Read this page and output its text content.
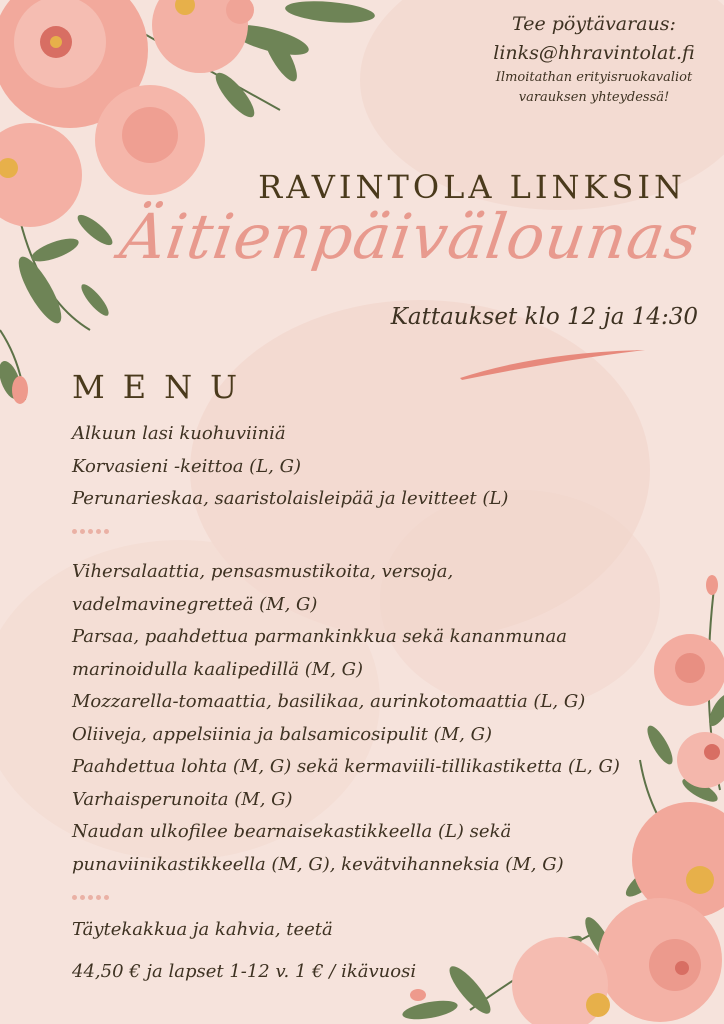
Tee pöytävaraus:
links@hhravintolat.fi
Ilmoitathan erityisruokavaliot
varauksen yhteydessä!
RAVINTOLA LINKSIN
Äitienpäivälounas
Kattaukset klo 12 ja 14:30
MENU
Alkuun lasi kuohuviiniä
Korvasieni -keittoa (L, G)
Perunarieskaa, saaristolaisleipää ja levitteet (L)
Vihersalaattia, pensasmustikoita, versoja,
vadelmavinegretteä (M, G)
Parsaa, paahdettua parmankinkkua sekä kananmunaa
marinoidulla kaalipedillä (M, G)
Mozzarella-tomaattia, basilikaa, aurinkotomaattia (L, G)
Oliiveja, appelsiinia ja balsamicosipulit (M, G)
Paahdettua lohta (M, G) sekä kermaviili-tillikastiketta (L, G)
Varhaisperunoita (M, G)
Naudan ulkofilee bearnaisekastikkeella (L) sekä
punaviinikastikkeella (M, G), kevätvihanneksia (M, G)
Täytekakkua ja kahvia, teetä
44,50 € ja lapset 1-12 v. 1 € / ikävuosi
